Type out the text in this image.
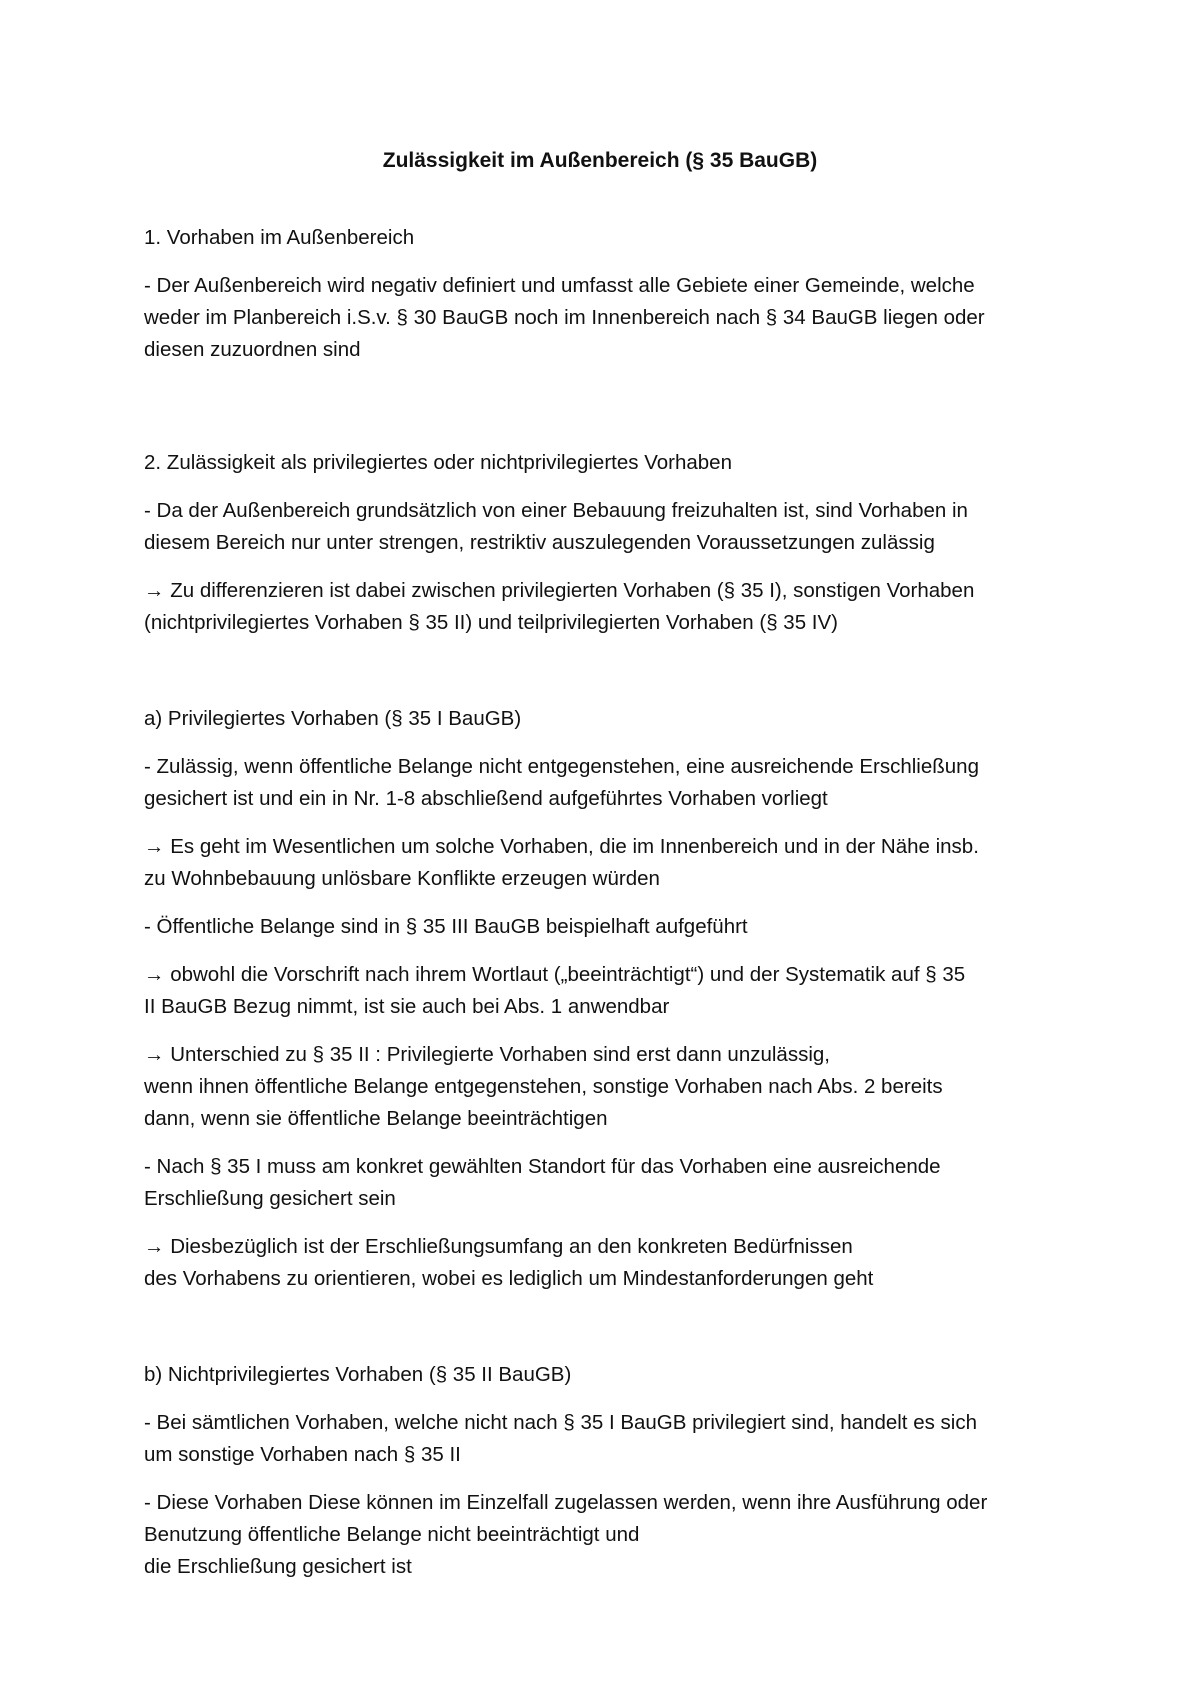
Zulässigkeit im Außenbereich (§ 35 BauGB)
1. Vorhaben im Außenbereich
- Der Außenbereich wird negativ definiert und umfasst alle Gebiete einer Gemeinde, welche
weder im Planbereich i.S.v. § 30 BauGB noch im Innenbereich nach § 34 BauGB liegen oder
diesen zuzuordnen sind
2. Zulässigkeit als privilegiertes oder nichtprivilegiertes Vorhaben
- Da der Außenbereich grundsätzlich von einer Bebauung freizuhalten ist, sind Vorhaben in
diesem Bereich nur unter strengen, restriktiv auszulegenden Voraussetzungen zulässig
→ Zu differenzieren ist dabei zwischen privilegierten Vorhaben (§ 35 I), sonstigen Vorhaben
(nichtprivilegiertes Vorhaben § 35 II) und teilprivilegierten Vorhaben (§ 35 IV)
a) Privilegiertes Vorhaben (§ 35 I BauGB)
- Zulässig, wenn öffentliche Belange nicht entgegenstehen, eine ausreichende Erschließung
gesichert ist und ein in Nr. 1-8 abschließend aufgeführtes Vorhaben vorliegt
→ Es geht im Wesentlichen um solche Vorhaben, die im Innenbereich und in der Nähe insb.
zu Wohnbebauung unlösbare Konflikte erzeugen würden
- Öffentliche Belange sind in § 35 III BauGB beispielhaft aufgeführt
→ obwohl die Vorschrift nach ihrem Wortlaut („beeinträchtigt“) und der Systematik auf § 35
II BauGB Bezug nimmt, ist sie auch bei Abs. 1 anwendbar
→ Unterschied zu § 35 II : Privilegierte Vorhaben sind erst dann unzulässig,
wenn ihnen öffentliche Belange entgegenstehen, sonstige Vorhaben nach Abs. 2 bereits
dann, wenn sie öffentliche Belange beeinträchtigen
- Nach § 35 I muss am konkret gewählten Standort für das Vorhaben eine ausreichende
Erschließung gesichert sein
→ Diesbezüglich ist der Erschließungsumfang an den konkreten Bedürfnissen
des Vorhabens zu orientieren, wobei es lediglich um Mindestanforderungen geht
b) Nichtprivilegiertes Vorhaben (§ 35 II BauGB)
- Bei sämtlichen Vorhaben, welche nicht nach § 35 I BauGB privilegiert sind, handelt es sich
um sonstige Vorhaben nach § 35 II
- Diese Vorhaben Diese können im Einzelfall zugelassen werden, wenn ihre Ausführung oder
Benutzung öffentliche Belange nicht beeinträchtigt und
die Erschließung gesichert ist
